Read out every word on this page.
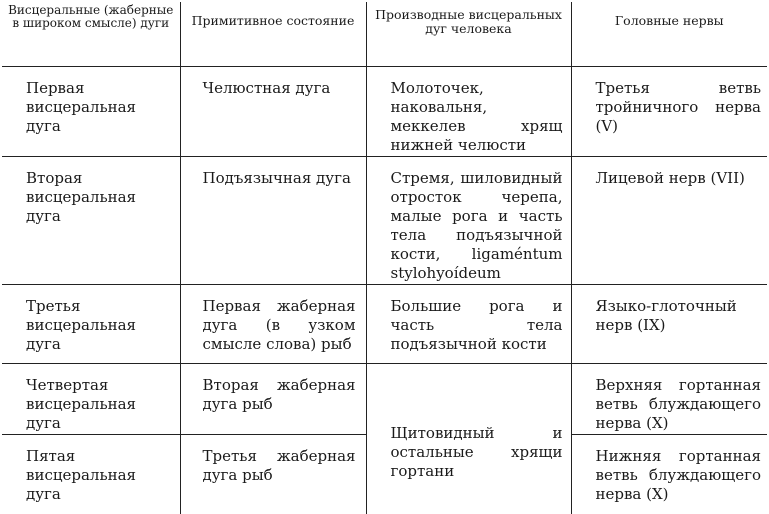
Висцеральные (жаберные в широком смысле) дуги	Примитивное состояние	Производные висцеральных дуг человека	Головные нервы

Первая висцеральная дуга	Челюстная дуга	Молоточек, наковальня, меккелев хрящ нижней челюсти	Третья ветвь тройничного нерва (V)

Вторая висцеральная дуга	Подъязычная дуга	Стремя, шиловидный отросток черепа, малые рога и часть тела подъязычной кости, ligaméntum stylohyoídeum	Лицевой нерв (VII)

Третья висцеральная дуга	Первая жаберная дуга (в узком смысле слова) рыб	Большие рога и часть тела подъязычной кости	Языко-глоточный нерв (IX)

Четвертая висцеральная дуга	Вторая жаберная дуга рыб	Щитовидный и остальные хрящи гортани	Верхняя гортанная ветвь блуждающего нерва (X)

Пятая висцеральная дуга	Третья жаберная дуга рыб		Нижняя гортанная ветвь блуждающего нерва (X)
